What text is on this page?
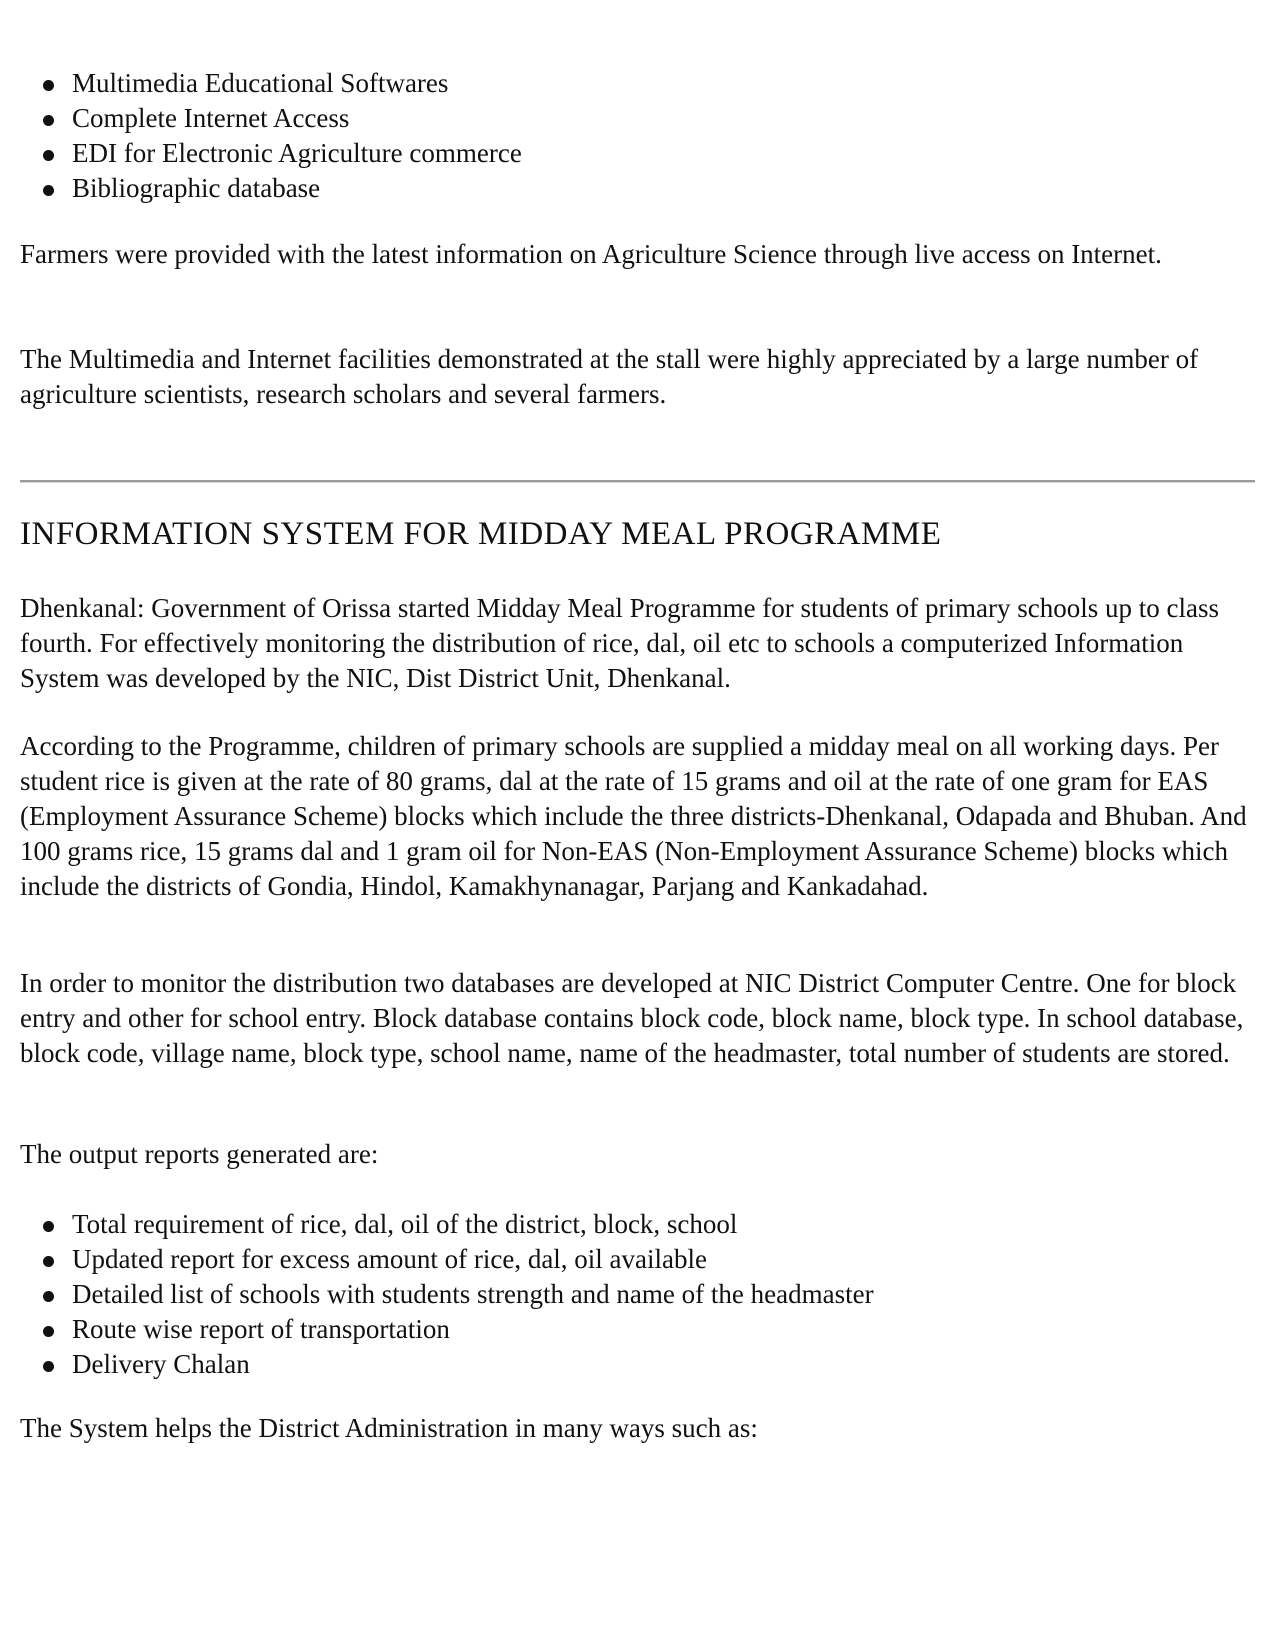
Multimedia Educational Softwares
Complete Internet Access
EDI for Electronic Agriculture commerce
Bibliographic database

Farmers were provided with the latest information on Agriculture Science through live access on Internet.

The Multimedia and Internet facilities demonstrated at the stall were highly appreciated by a large number of agriculture scientists, research scholars and several farmers.

INFORMATION SYSTEM FOR MIDDAY MEAL PROGRAMME

Dhenkanal: Government of Orissa started Midday Meal Programme for students of primary schools up to class fourth. For effectively monitoring the distribution of rice, dal, oil etc to schools a computerized Information System was developed by the NIC, Dist District Unit, Dhenkanal.

According to the Programme, children of primary schools are supplied a midday meal on all working days. Per student rice is given at the rate of 80 grams, dal at the rate of 15 grams and oil at the rate of one gram for EAS (Employment Assurance Scheme) blocks which include the three districts-Dhenkanal, Odapada and Bhuban. And 100 grams rice, 15 grams dal and 1 gram oil for Non-EAS (Non-Employment Assurance Scheme) blocks which include the districts of Gondia, Hindol, Kamakhynanagar, Parjang and Kankadahad.

In order to monitor the distribution two databases are developed at NIC District Computer Centre. One for block entry and other for school entry. Block database contains block code, block name, block type. In school database, block code, village name, block type, school name, name of the headmaster, total number of students are stored.

The output reports generated are:

Total requirement of rice, dal, oil of the district, block, school
Updated report for excess amount of rice, dal, oil available
Detailed list of schools with students strength and name of the headmaster
Route wise report of transportation
Delivery Chalan

The System helps the District Administration in many ways such as:
